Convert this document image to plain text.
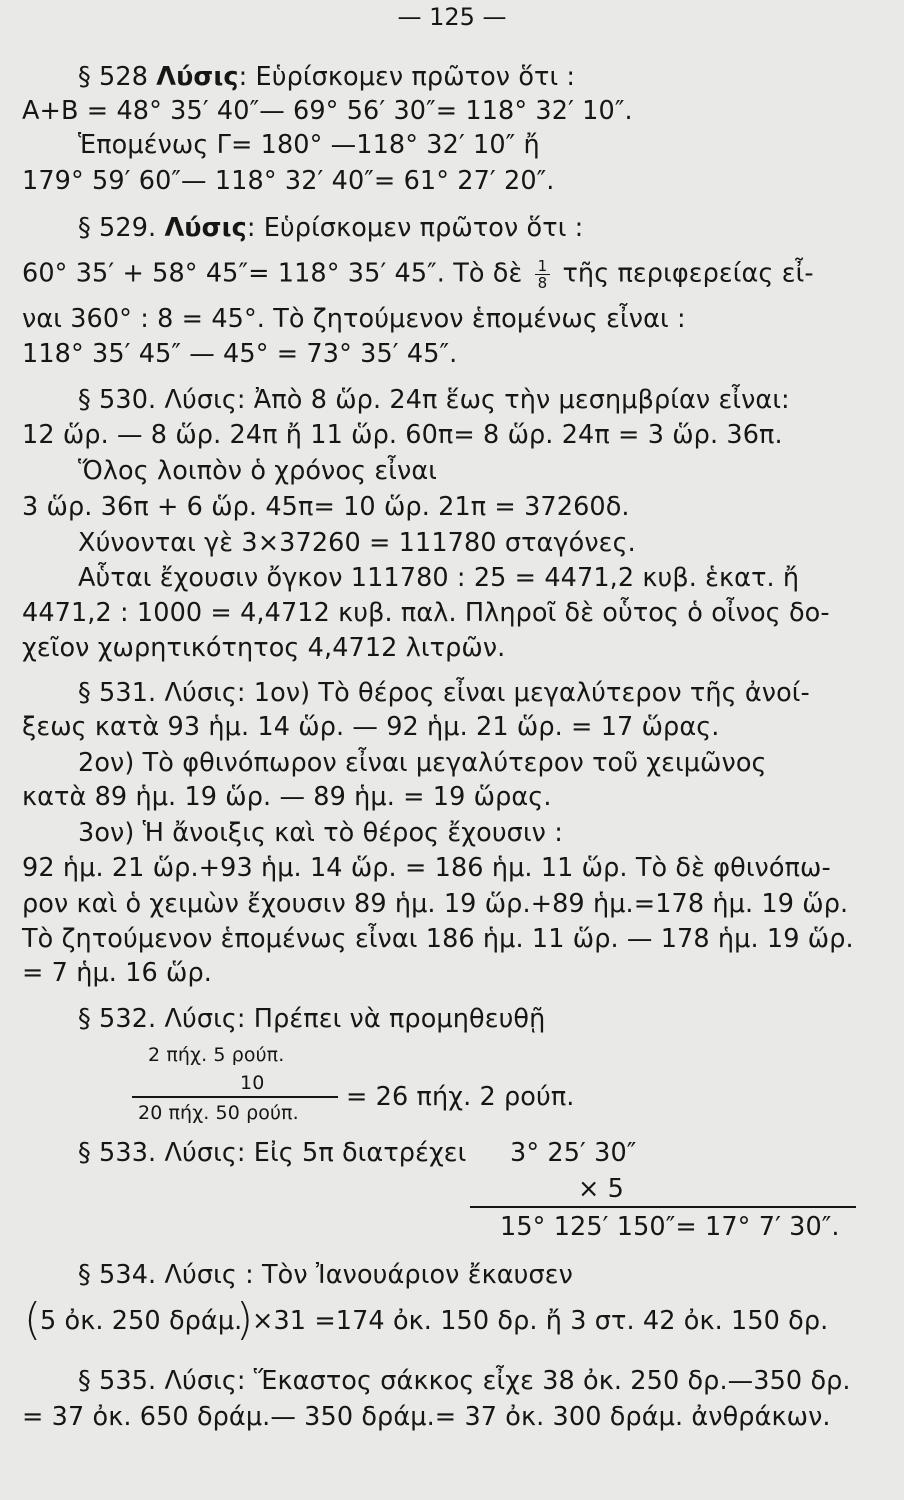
— 125 —
§ 528 Λύσις: Εὑρίσκομεν πρῶτον ὅτι :
Α+Β = 48° 35′ 40″— 69° 56′ 30″= 118° 32′ 10″.
Ἑπομένως Γ= 180° —118° 32′ 10″ ἤ
179° 59′ 60″— 118° 32′ 40″= 61° 27′ 20″.
§ 529. Λύσις: Εὑρίσκομεν πρῶτον ὅτι :
60° 35′ + 58° 45″= 118° 35′ 45″. Τὸ δὲ $\frac{1}{8}$ τῆς περιφερείας εἶ-
ναι 360° : 8 = 45°. Τὸ ζητούμενον ἑπομένως εἶναι :
118° 35′ 45″ — 45° = 73° 35′ 45″.
§ 530. Λύσις: Ἀπὸ 8 ὥρ. 24π ἕως τὴν μεσημβρίαν εἶναι:
12 ὥρ. — 8 ὥρ. 24π ἤ 11 ὥρ. 60π= 8 ὥρ. 24π = 3 ὥρ. 36π.
Ὅλος λοιπὸν ὁ χρόνος εἶναι
3 ὥρ. 36π + 6 ὥρ. 45π= 10 ὥρ. 21π = 37260δ.
Χύνονται γὲ 3×37260 = 111780 σταγόνες.
Αὗται ἔχουσιν ὄγκον 111780 : 25 = 4471,2 κυβ. ἑκατ. ἤ
4471,2 : 1000 = 4,4712 κυβ. παλ. Πληροῖ δὲ οὗτος ὁ οἶνος δο-
χεῖον χωρητικότητος 4,4712 λιτρῶν.
§ 531. Λύσις: 1ον) Τὸ θέρος εἶναι μεγαλύτερον τῆς ἀνοί-
ξεως κατὰ 93 ἡμ. 14 ὥρ. — 92 ἡμ. 21 ὥρ. = 17 ὥρας.
2ον) Τὸ φθινόπωρον εἶναι μεγαλύτερον τοῦ χειμῶνος
κατὰ 89 ἡμ. 19 ὥρ. — 89 ἡμ. = 19 ὥρας.
3ον) Ἡ ἄνοιξις καὶ τὸ θέρος ἔχουσιν :
92 ἡμ. 21 ὥρ.+93 ἡμ. 14 ὥρ. = 186 ἡμ. 11 ὥρ. Τὸ δὲ φθινόπω-
ρον καὶ ὁ χειμὼν ἔχουσιν 89 ἡμ. 19 ὥρ.+89 ἡμ.=178 ἡμ. 19 ὥρ.
Τὸ ζητούμενον ἑπομένως εἶναι 186 ἡμ. 11 ὥρ. — 178 ἡμ. 19 ὥρ.
= 7 ἡμ. 16 ὥρ.
§ 532. Λύσις: Πρέπει νὰ προμηθευθῇ
2 πήχ. 5 ρούπ.
10
20 πήχ. 50 ρούπ.
= 26 πήχ. 2 ρούπ.
§ 533. Λύσις: Εἰς 5π διατρέχει 3° 25′ 30″
× 5
15° 125′ 150″= 17° 7′ 30″.
§ 534. Λύσις : Τὸν Ἰανουάριον ἔκαυσεν
(
5 ὀκ. 250 δράμ.
)
×31 =174 ὀκ. 150 δρ. ἤ 3 στ. 42 ὀκ. 150 δρ.
§ 535. Λύσις: Ἕκαστος σάκκος εἶχε 38 ὀκ. 250 δρ.—350 δρ.
= 37 ὀκ. 650 δράμ.— 350 δράμ.= 37 ὀκ. 300 δράμ. ἀνθράκων.
